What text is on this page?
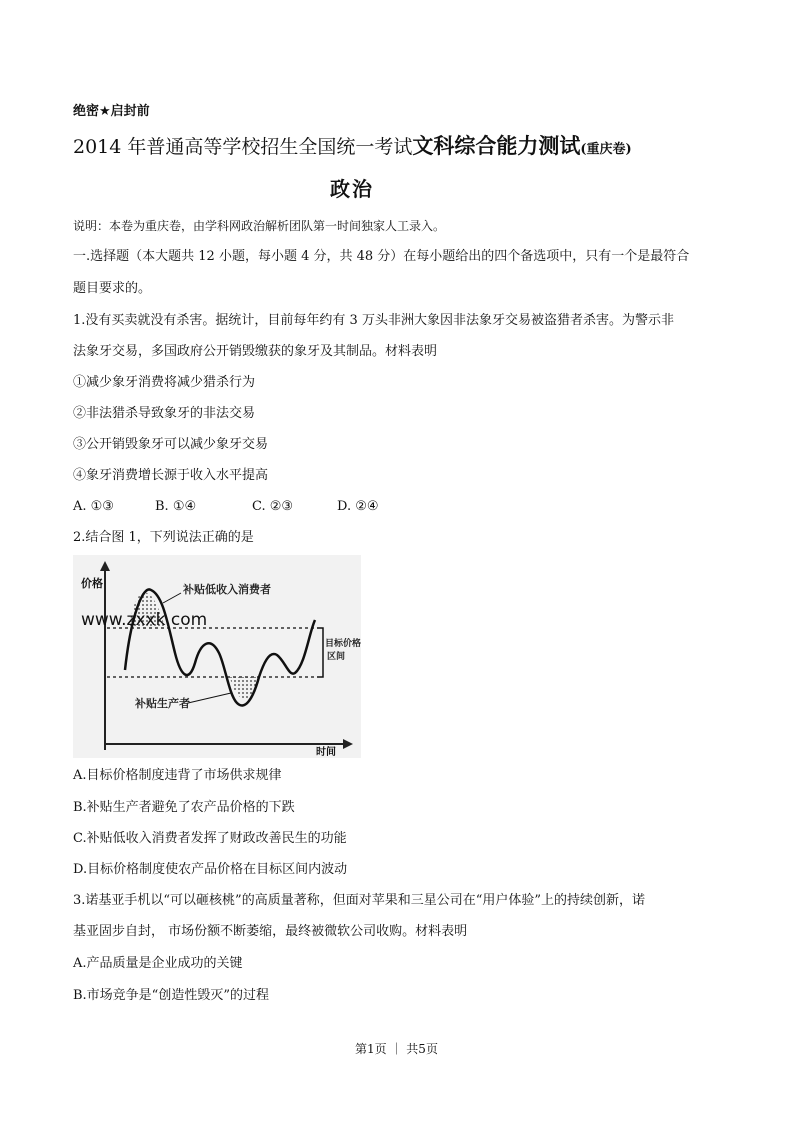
绝密★启封前
2014 年普通高等学校招生全国统一考试文科综合能力测试(重庆卷)
政治
说明：本卷为重庆卷，由学科网政治解析团队第一时间独家人工录入。
一.选择题（本大题共 12 小题，每小题 4 分，共 48 分）在每小题给出的四个备选项中，只有一个是最符合
题目要求的。
1.没有买卖就没有杀害。据统计，目前每年约有 3 万头非洲大象因非法象牙交易被盗猎者杀害。为警示非
法象牙交易，多国政府公开销毁缴获的象牙及其制品。材料表明
①减少象牙消费将减少猎杀行为
②非法猎杀导致象牙的非法交易
③公开销毁象牙可以减少象牙交易
④象牙消费增长源于收入水平提高
A. ①③	B. ①④	C. ②③	D. ②④
2.结合图 1，下列说法正确的是
补贴低收入消费者
补贴生产者
目标价格
区间
价格
时间
www.zxxk.com
A.目标价格制度违背了市场供求规律
B.补贴生产者避免了农产品价格的下跌
C.补贴低收入消费者发挥了财政改善民生的功能
D.目标价格制度使农产品价格在目标区间内波动
3.诺基亚手机以“可以砸核桃”的高质量著称，但面对苹果和三星公司在“用户体验”上的持续创新，诺
基亚固步自封， 市场份额不断萎缩，最终被微软公司收购。材料表明
A.产品质量是企业成功的关键
B.市场竞争是“创造性毁灭”的过程
第1页 ｜ 共5页
